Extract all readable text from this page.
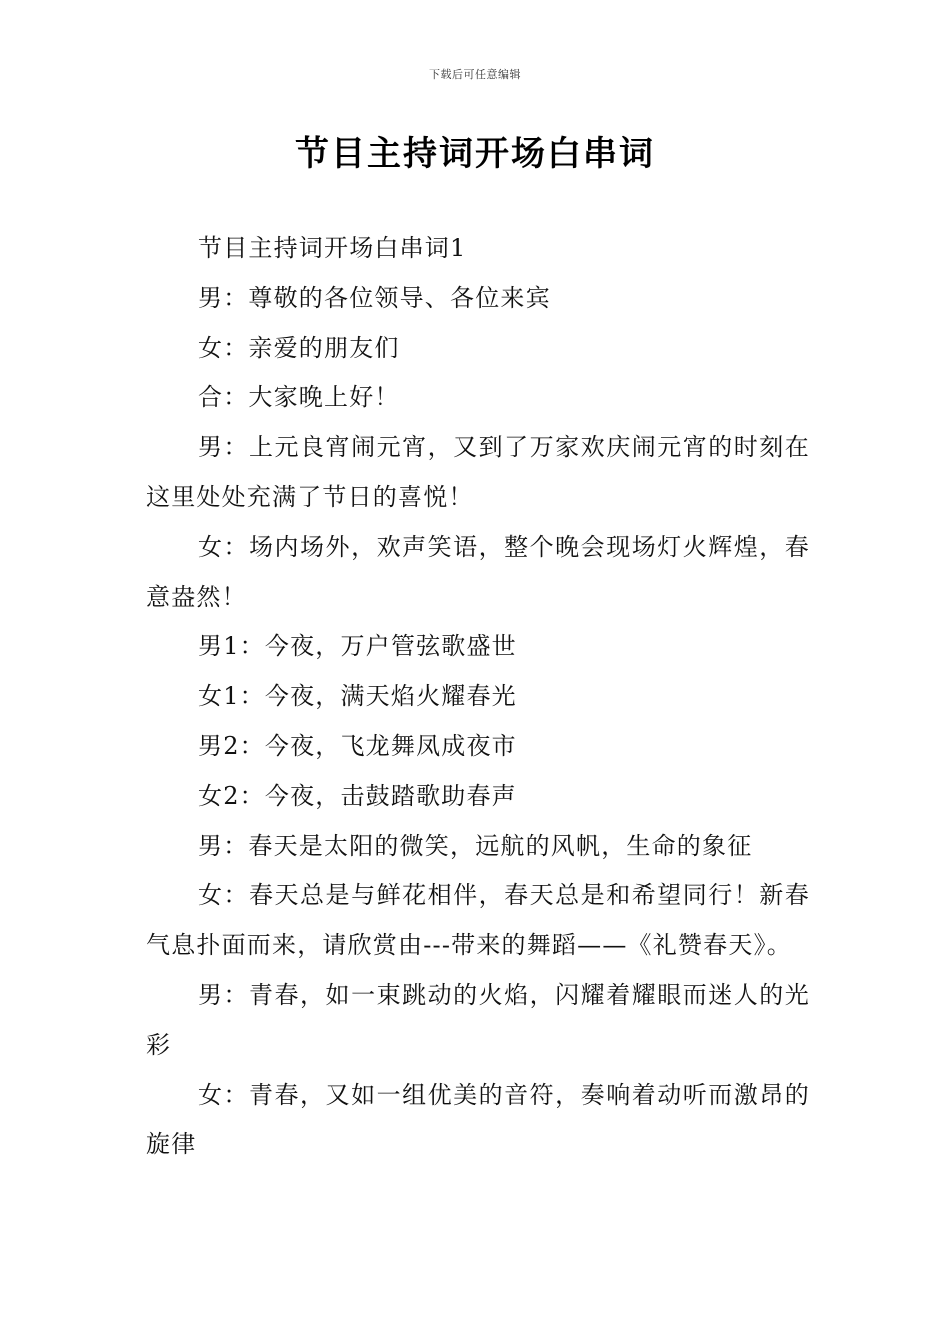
下载后可任意编辑
节目主持词开场白串词

节目主持词开场白串词1

男：尊敬的各位领导、各位来宾

女：亲爱的朋友们

合：大家晚上好！

男：上元良宵闹元宵，又到了万家欢庆闹元宵的时刻在这里处处充满了节日的喜悦！

女：场内场外，欢声笑语，整个晚会现场灯火辉煌，春意盎然！

男1：今夜，万户管弦歌盛世

女1：今夜，满天焰火耀春光

男2：今夜，飞龙舞凤成夜市

女2：今夜，击鼓踏歌助春声

男：春天是太阳的微笑，远航的风帆，生命的象征

女：春天总是与鲜花相伴，春天总是和希望同行！新春气息扑面而来，请欣赏由---带来的舞蹈——《礼赞春天》。

男：青春，如一束跳动的火焰，闪耀着耀眼而迷人的光彩

女：青春，又如一组优美的音符，奏响着动听而激昂的旋律
